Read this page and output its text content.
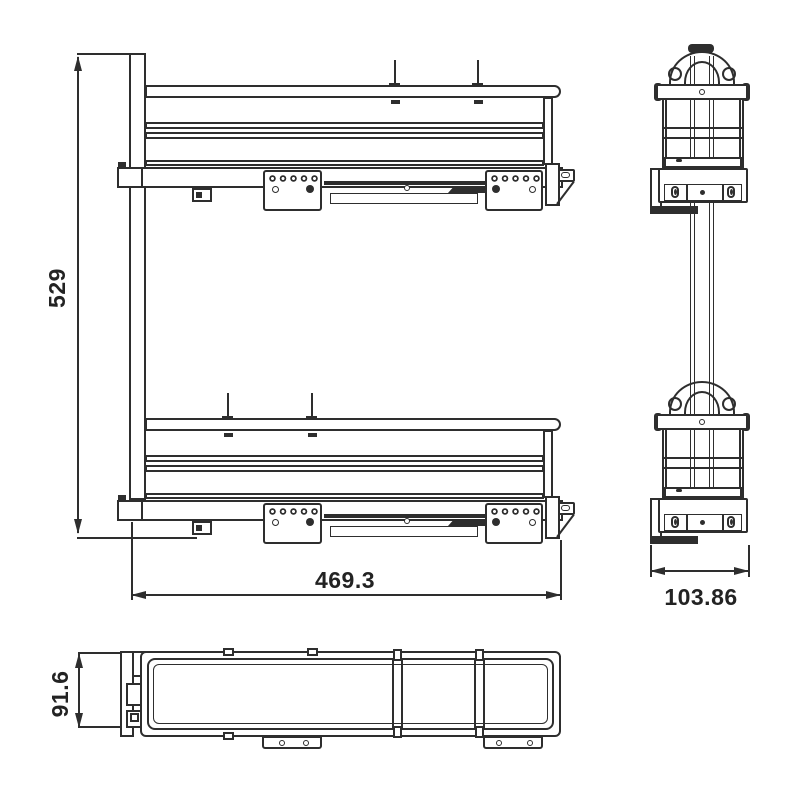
529
469.3
103.86
91.6
